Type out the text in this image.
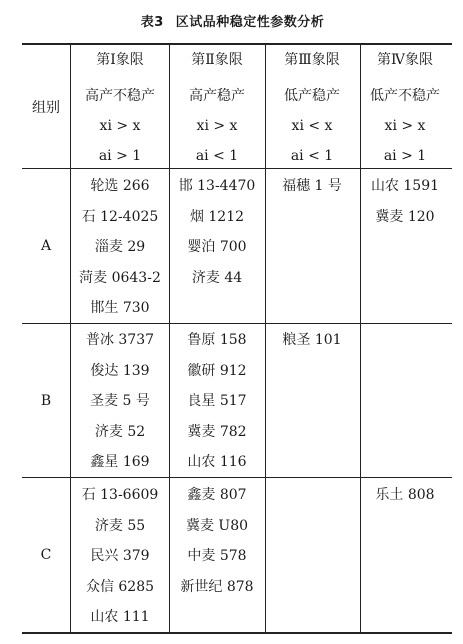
表3 区试品种稳定性参数分析
组别
第Ⅰ象限
高产不稳产
xi > x
ai > 1
第Ⅱ象限
高产稳产
xi > x
ai < 1
第Ⅲ象限
低产稳产
xi < x
ai < 1
第Ⅳ象限
低产不稳产
xi > x
ai > 1
A
B
C
轮选 266
石 12-4025
淄麦 29
菏麦 0643-2
邯生 730
邯 13-4470
烟 1212
婴泊 700
济麦 44
福穗 1 号 山农 1591
冀麦 120
普冰 3737
俊达 139
圣麦 5 号
济麦 52
鑫星 169
鲁原 158
徽研 912
良星 517
冀麦 782
山农 116
粮圣 101
石 13-6609
济麦 55
民兴 379
众信 6285
山农 111
鑫麦 807
冀麦 U80
中麦 578
新世纪 878
乐土 808
